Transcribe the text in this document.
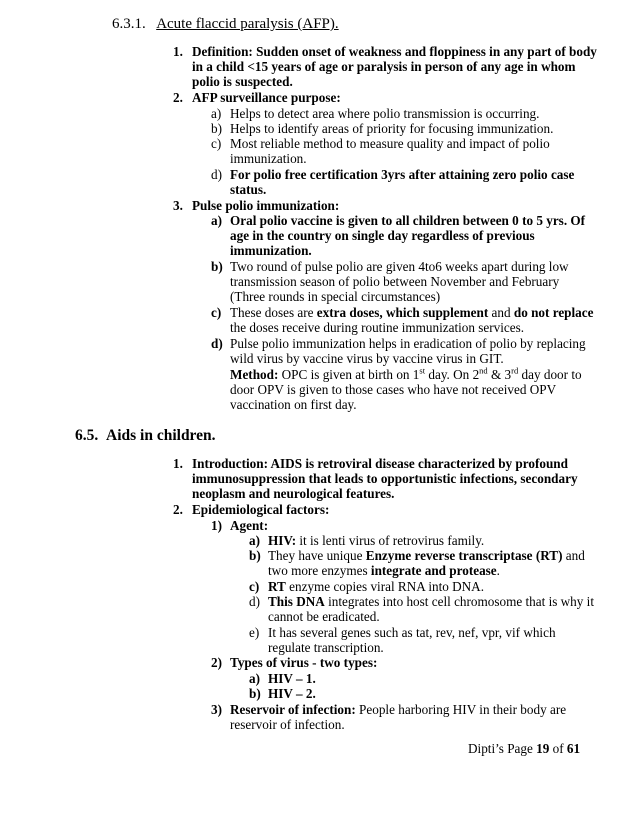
6.3.1. Acute flaccid paralysis (AFP).
1. Definition: Sudden onset of weakness and floppiness in any part of body
in a child <15 years of age or paralysis in person of any age in whom
polio is suspected.
2. AFP surveillance purpose:
a) Helps to detect area where polio transmission is occurring.
b) Helps to identify areas of priority for focusing immunization.
c) Most reliable method to measure quality and impact of polio
immunization.
d) For polio free certification 3yrs after attaining zero polio case
status.
3. Pulse polio immunization:
a) Oral polio vaccine is given to all children between 0 to 5 yrs. Of
age in the country on single day regardless of previous
immunization.
b) Two round of pulse polio are given 4to6 weeks apart during low
transmission season of polio between November and February
(Three rounds in special circumstances)
c) These doses are extra doses, which supplement and do not replace
the doses receive during routine immunization services.
d) Pulse polio immunization helps in eradication of polio by replacing
wild virus by vaccine virus by vaccine virus in GIT.
Method: OPC is given at birth on 1st day. On 2nd & 3rd day door to
door OPV is given to those cases who have not received OPV
vaccination on first day.
6.5. Aids in children.
1. Introduction: AIDS is retroviral disease characterized by profound
immunosuppression that leads to opportunistic infections, secondary
neoplasm and neurological features.
2. Epidemiological factors:
1) Agent:
a) HIV: it is lenti virus of retrovirus family.
b) They have unique Enzyme reverse transcriptase (RT) and
two more enzymes integrate and protease.
c) RT enzyme copies viral RNA into DNA.
d) This DNA integrates into host cell chromosome that is why it
cannot be eradicated.
e) It has several genes such as tat, rev, nef, vpr, vif which
regulate transcription.
2) Types of virus - two types:
a) HIV – 1.
b) HIV – 2.
3) Reservoir of infection: People harboring HIV in their body are
reservoir of infection.
Dipti’s Page 19 of 61
